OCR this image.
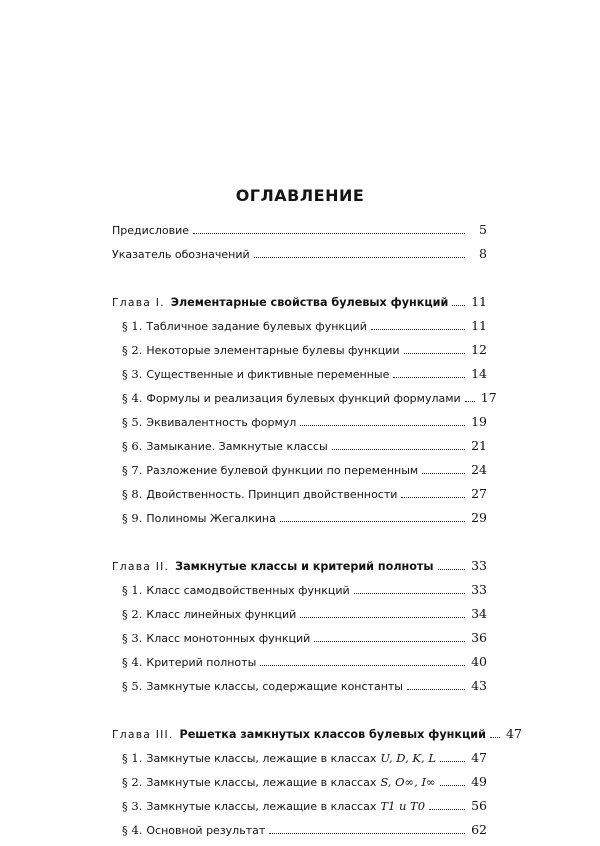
ОГЛАВЛЕНИЕ
Предисловие	5
Указатель обозначений	8
Глава I. Элементарные свойства булевых функций 11
§ 1. Табличное задание булевых функций	11
§ 2. Некоторые элементарные булевы функции	12
§ 3. Существенные и фиктивные переменные	14
§ 4. Формулы и реализация булевых функций формулами 17
§ 5. Эквивалентность формул	19
§ 6. Замыкание. Замкнутые классы	21
§ 7. Разложение булевой функции по переменным	24
§ 8. Двойственность. Принцип двойственности	27
§ 9. Полиномы Жегалкина	29
Глава II. Замкнутые классы и критерий полноты	33
§ 1. Класс самодвойственных функций	33
§ 2. Класс линейных функций	34
§ 3. Класс монотонных функций	36
§ 4. Критерий полноты	40
§ 5. Замкнутые классы, содержащие константы	43
Глава III. Решетка замкнутых классов булевых функций 47
§ 1. Замкнутые классы, лежащие в классах U, D, K, L	47
§ 2. Замкнутые классы, лежащие в классах S, O∞, I∞	49
§ 3. Замкнутые классы, лежащие в классах T1 и T0	56
§ 4. Основной результат	62
